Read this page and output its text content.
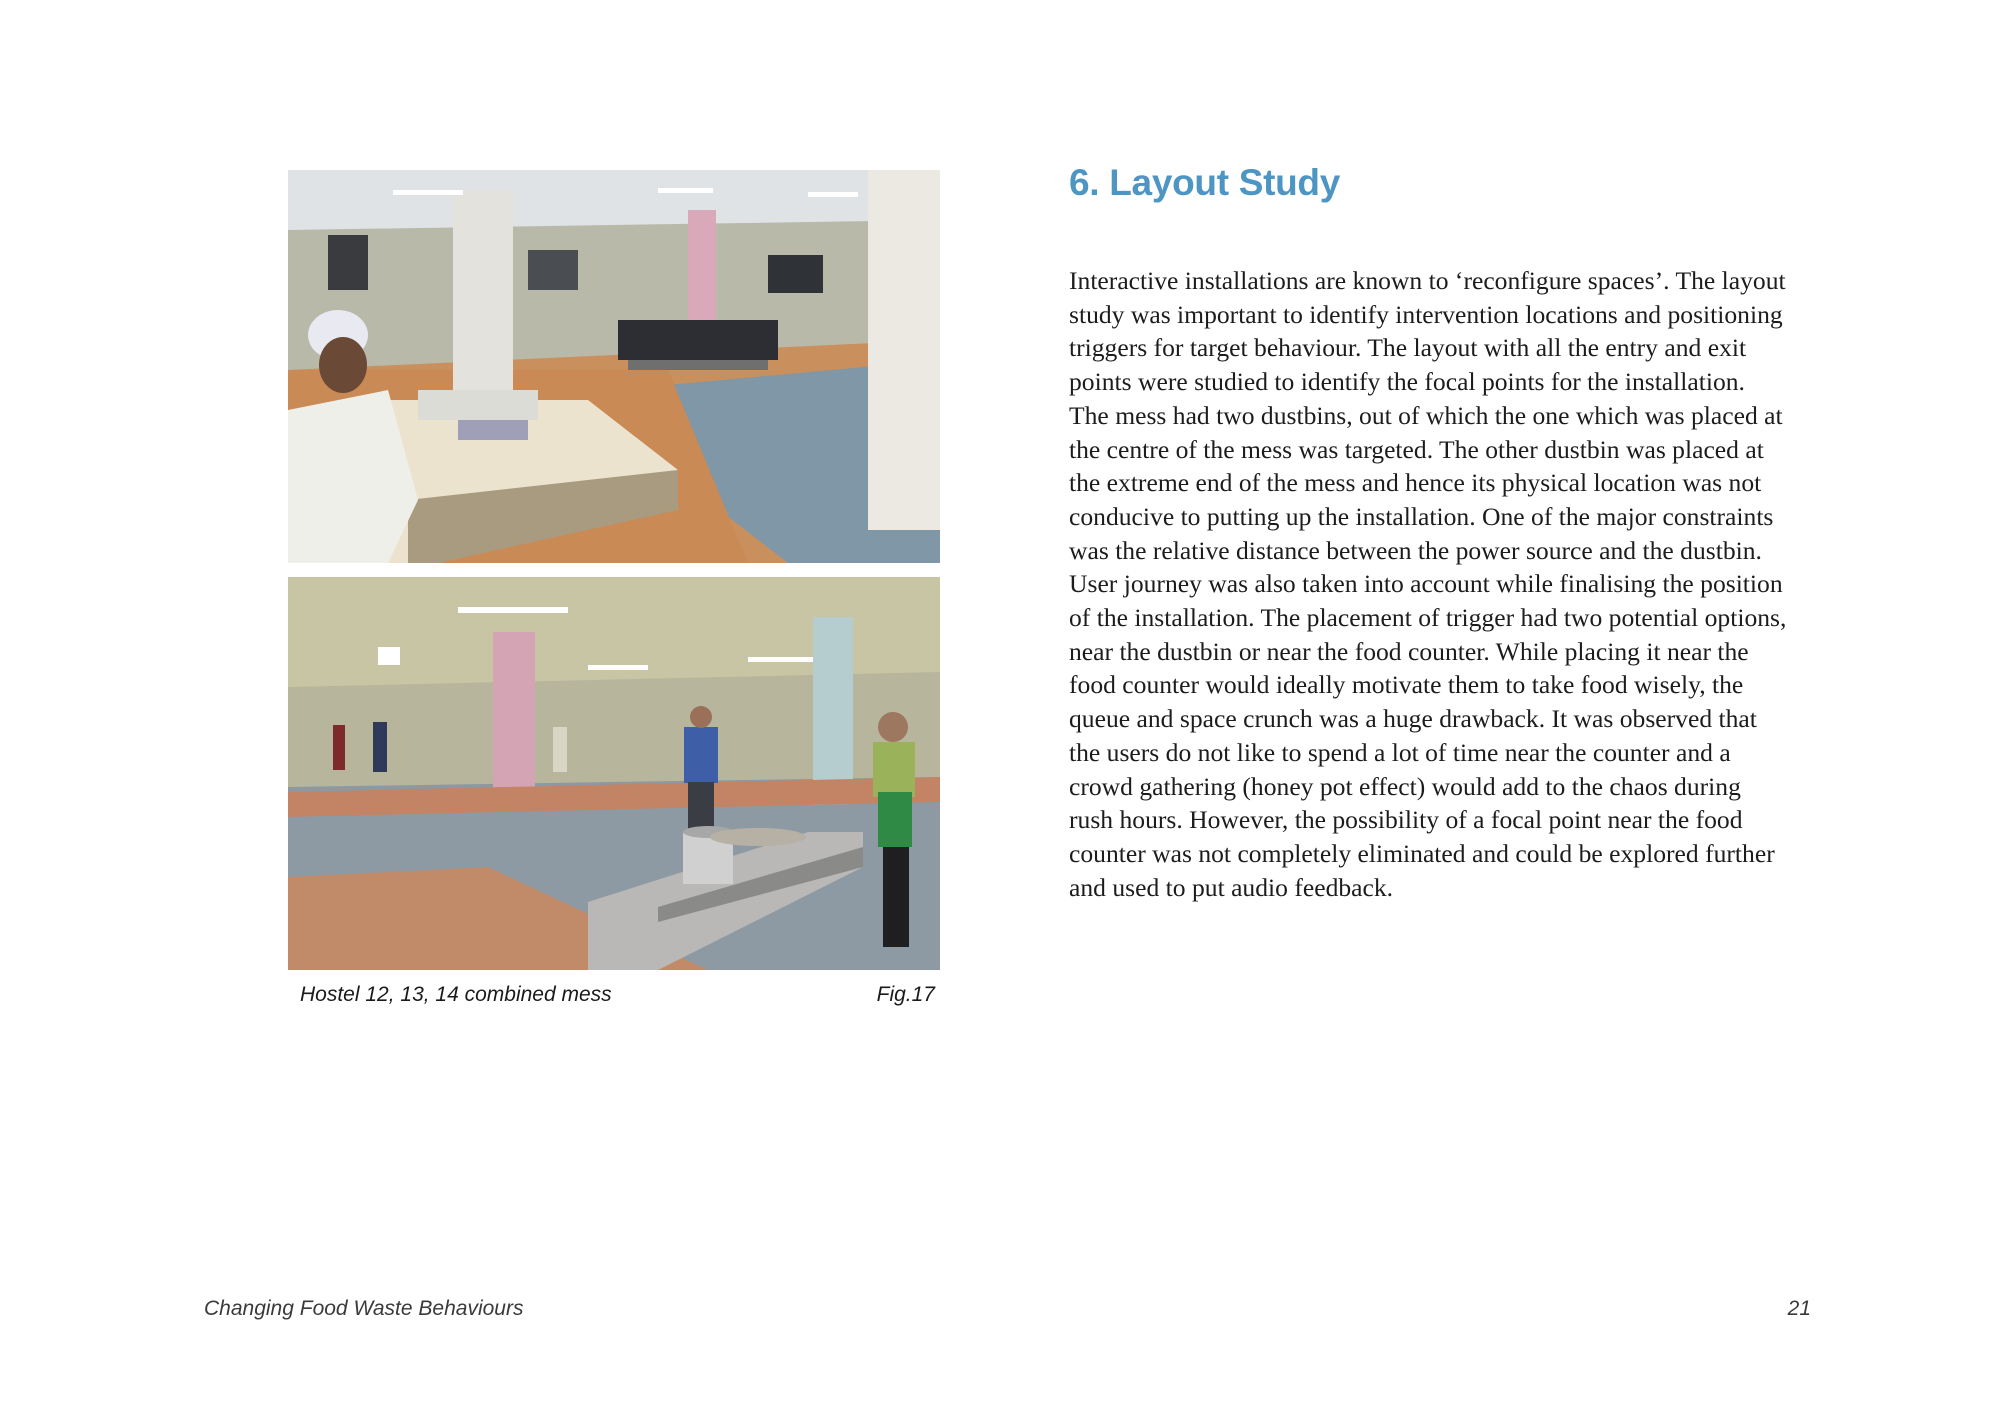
Hostel 12, 13, 14 combined mess	Fig.17
6. Layout Study
Interactive installations are known to ‘reconfigure spaces’. The layout
study was important to identify intervention locations and positioning
triggers for target behaviour. The layout with all the entry and exit
points were studied to identify the focal points for the installation.
The mess had two dustbins, out of which the one which was placed at
the centre of the mess was targeted. The other dustbin was placed at
the extreme end of the mess and hence its physical location was not
conducive to putting up the installation. One of the major constraints
was the relative distance between the power source and the dustbin.
User journey was also taken into account while finalising the position
of the installation. The placement of trigger had two potential options,
near the dustbin or near the food counter. While placing it near the
food counter would ideally motivate them to take food wisely, the
queue and space crunch was a huge drawback. It was observed that
the users do not like to spend a lot of time near the counter and a
crowd gathering (honey pot effect) would add to the chaos during
rush hours. However, the possibility of a focal point near the food
counter was not completely eliminated and could be explored further
and used to put audio feedback.
Changing Food Waste Behaviours	21
